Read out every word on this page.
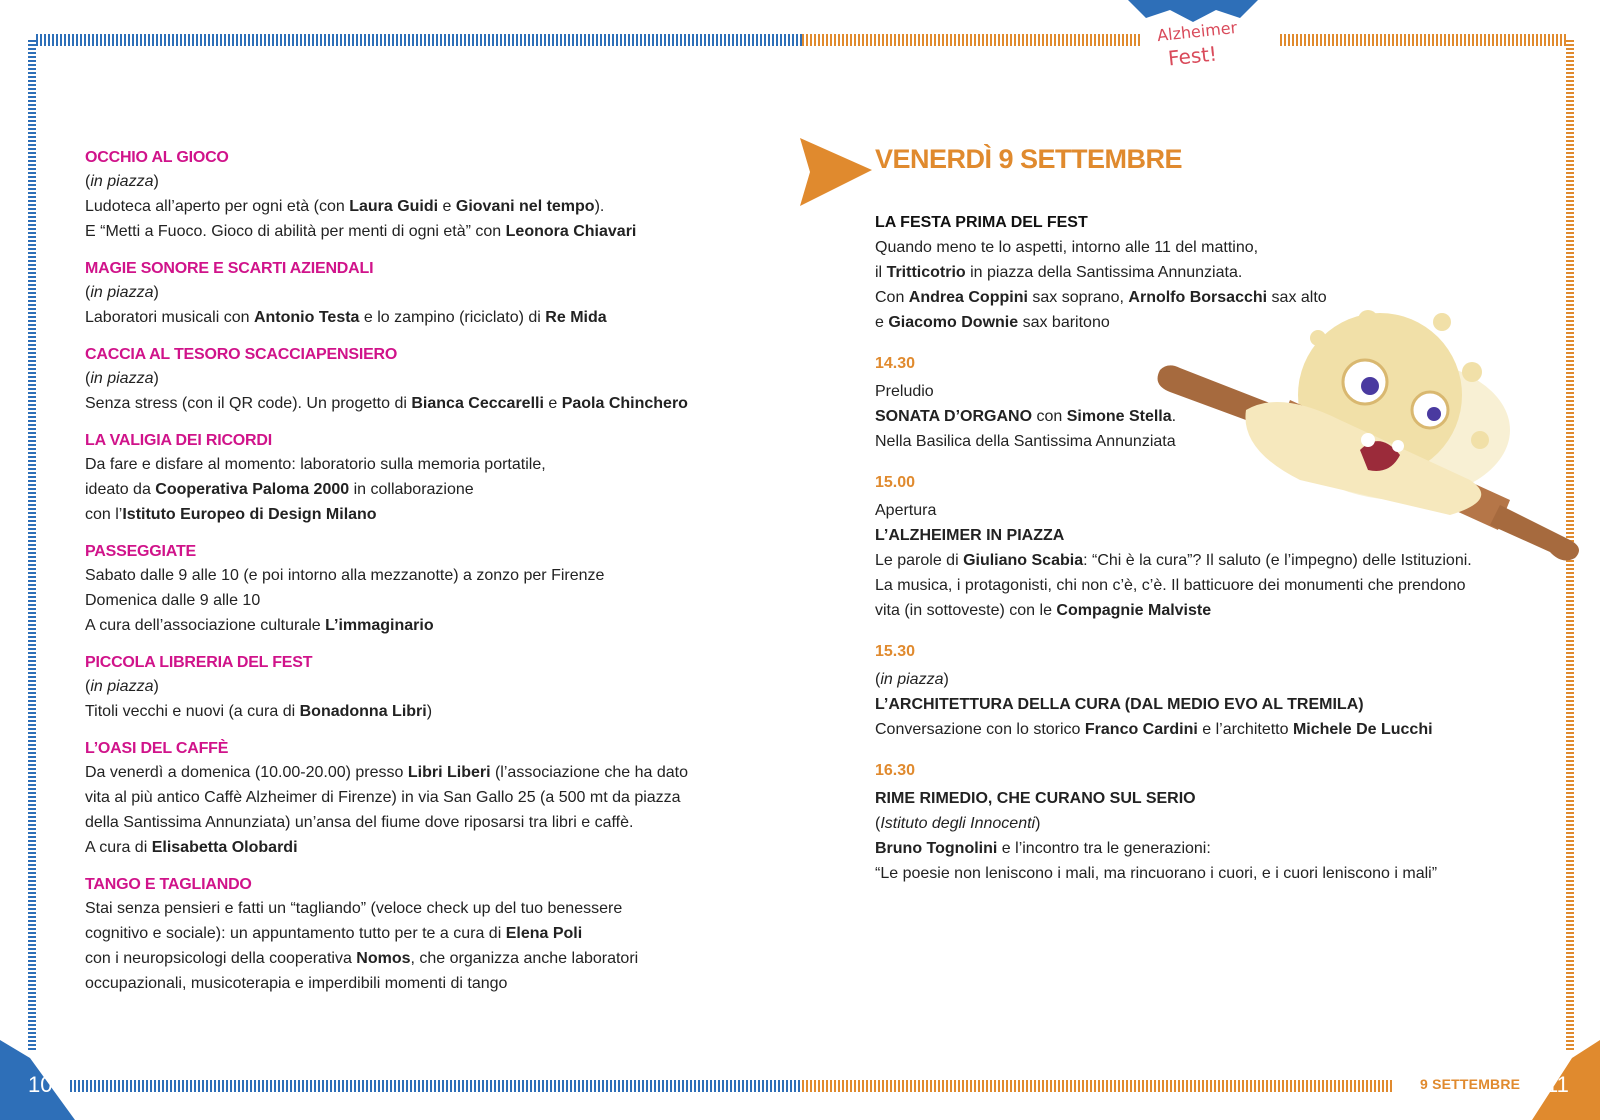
Alzheimer
Fest!
10	11
9 SETTEMBRE
OCCHIO AL GIOCO
(in piazza)
Ludoteca all’aperto per ogni età (con Laura Guidi e Giovani nel tempo).
E “Metti a Fuoco. Gioco di abilità per menti di ogni età” con Leonora Chiavari
MAGIE SONORE E SCARTI AZIENDALI
(in piazza)
Laboratori musicali con Antonio Testa e lo zampino (riciclato) di Re Mida
CACCIA AL TESORO SCACCIAPENSIERO
(in piazza)
Senza stress (con il QR code). Un progetto di Bianca Ceccarelli e Paola Chinchero
LA VALIGIA DEI RICORDI
Da fare e disfare al momento: laboratorio sulla memoria portatile,
ideato da Cooperativa Paloma 2000 in collaborazione
con l’Istituto Europeo di Design Milano
PASSEGGIATE
Sabato dalle 9 alle 10 (e poi intorno alla mezzanotte) a zonzo per Firenze
Domenica dalle 9 alle 10
A cura dell’associazione culturale L’immaginario
PICCOLA LIBRERIA DEL FEST
(in piazza)
Titoli vecchi e nuovi (a cura di Bonadonna Libri)
L’OASI DEL CAFFÈ
Da venerdì a domenica (10.00-20.00) presso Libri Liberi (l’associazione che ha dato
vita al più antico Caffè Alzheimer di Firenze) in via San Gallo 25 (a 500 mt da piazza
della Santissima Annunziata) un’ansa del fiume dove riposarsi tra libri e caffè.
A cura di Elisabetta Olobardi
TANGO E TAGLIANDO
Stai senza pensieri e fatti un “tagliando” (veloce check up del tuo benessere
cognitivo e sociale): un appuntamento tutto per te a cura di Elena Poli
con i neuropsicologi della cooperativa Nomos, che organizza anche laboratori
occupazionali, musicoterapia e imperdibili momenti di tango
VENERDÌ 9 SETTEMBRE
LA FESTA PRIMA DEL FEST
Quando meno te lo aspetti, intorno alle 11 del mattino,
il Tritticotrio in piazza della Santissima Annunziata.
Con Andrea Coppini sax soprano, Arnolfo Borsacchi sax alto
e Giacomo Downie sax baritono
14.30
Preludio
SONATA D’ORGANO con Simone Stella.
Nella Basilica della Santissima Annunziata
15.00
Apertura
L’ALZHEIMER IN PIAZZA
Le parole di Giuliano Scabia: “Chi è la cura”? Il saluto (e l’impegno) delle Istituzioni.
La musica, i protagonisti, chi non c’è, c’è. Il batticuore dei monumenti che prendono
vita (in sottoveste) con le Compagnie Malviste
15.30
(in piazza)
L’ARCHITETTURA DELLA CURA (DAL MEDIO EVO AL TREMILA)
Conversazione con lo storico Franco Cardini e l’architetto Michele De Lucchi
16.30
RIME RIMEDIO, CHE CURANO SUL SERIO
(Istituto degli Innocenti)
Bruno Tognolini e l’incontro tra le generazioni:
“Le poesie non leniscono i mali, ma rincuorano i cuori, e i cuori leniscono i mali”
